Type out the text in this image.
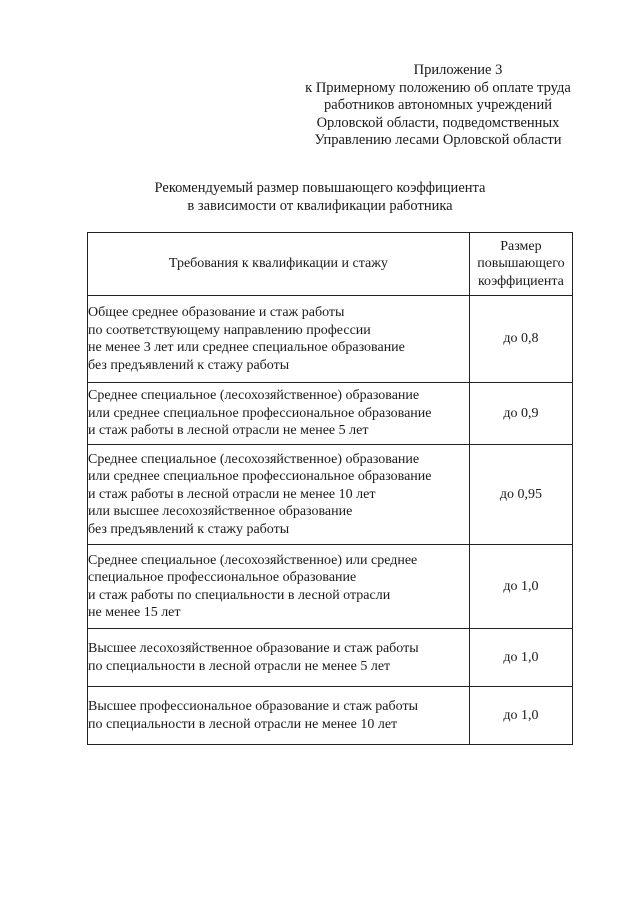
Приложение 3
к Примерному положению об оплате труда
работников автономных учреждений
Орловской области, подведомственных
Управлению лесами Орловской области
Рекомендуемый размер повышающего коэффициента
в зависимости от квалификации работника
Требования к квалификации и стажу	Размер
повышающего
коэффициента

Общее среднее образование и стаж работы
по соответствующему направлению профессии
не менее 3 лет или среднее специальное образование
без предъявлений к стажу работы	до 0,8

Среднее специальное (лесохозяйственное) образование
или среднее специальное профессиональное образование
и стаж работы в лесной отрасли не менее 5 лет	до 0,9

Среднее специальное (лесохозяйственное) образование
или среднее специальное профессиональное образование
и стаж работы в лесной отрасли не менее 10 лет
или высшее лесохозяйственное образование
без предъявлений к стажу работы	до 0,95

Среднее специальное (лесохозяйственное) или среднее
специальное профессиональное образование
и стаж работы по специальности в лесной отрасли
не менее 15 лет	до 1,0

Высшее лесохозяйственное образование и стаж работы
по специальности в лесной отрасли не менее 5 лет	до 1,0

Высшее профессиональное образование и стаж работы
по специальности в лесной отрасли не менее 10 лет	до 1,0
